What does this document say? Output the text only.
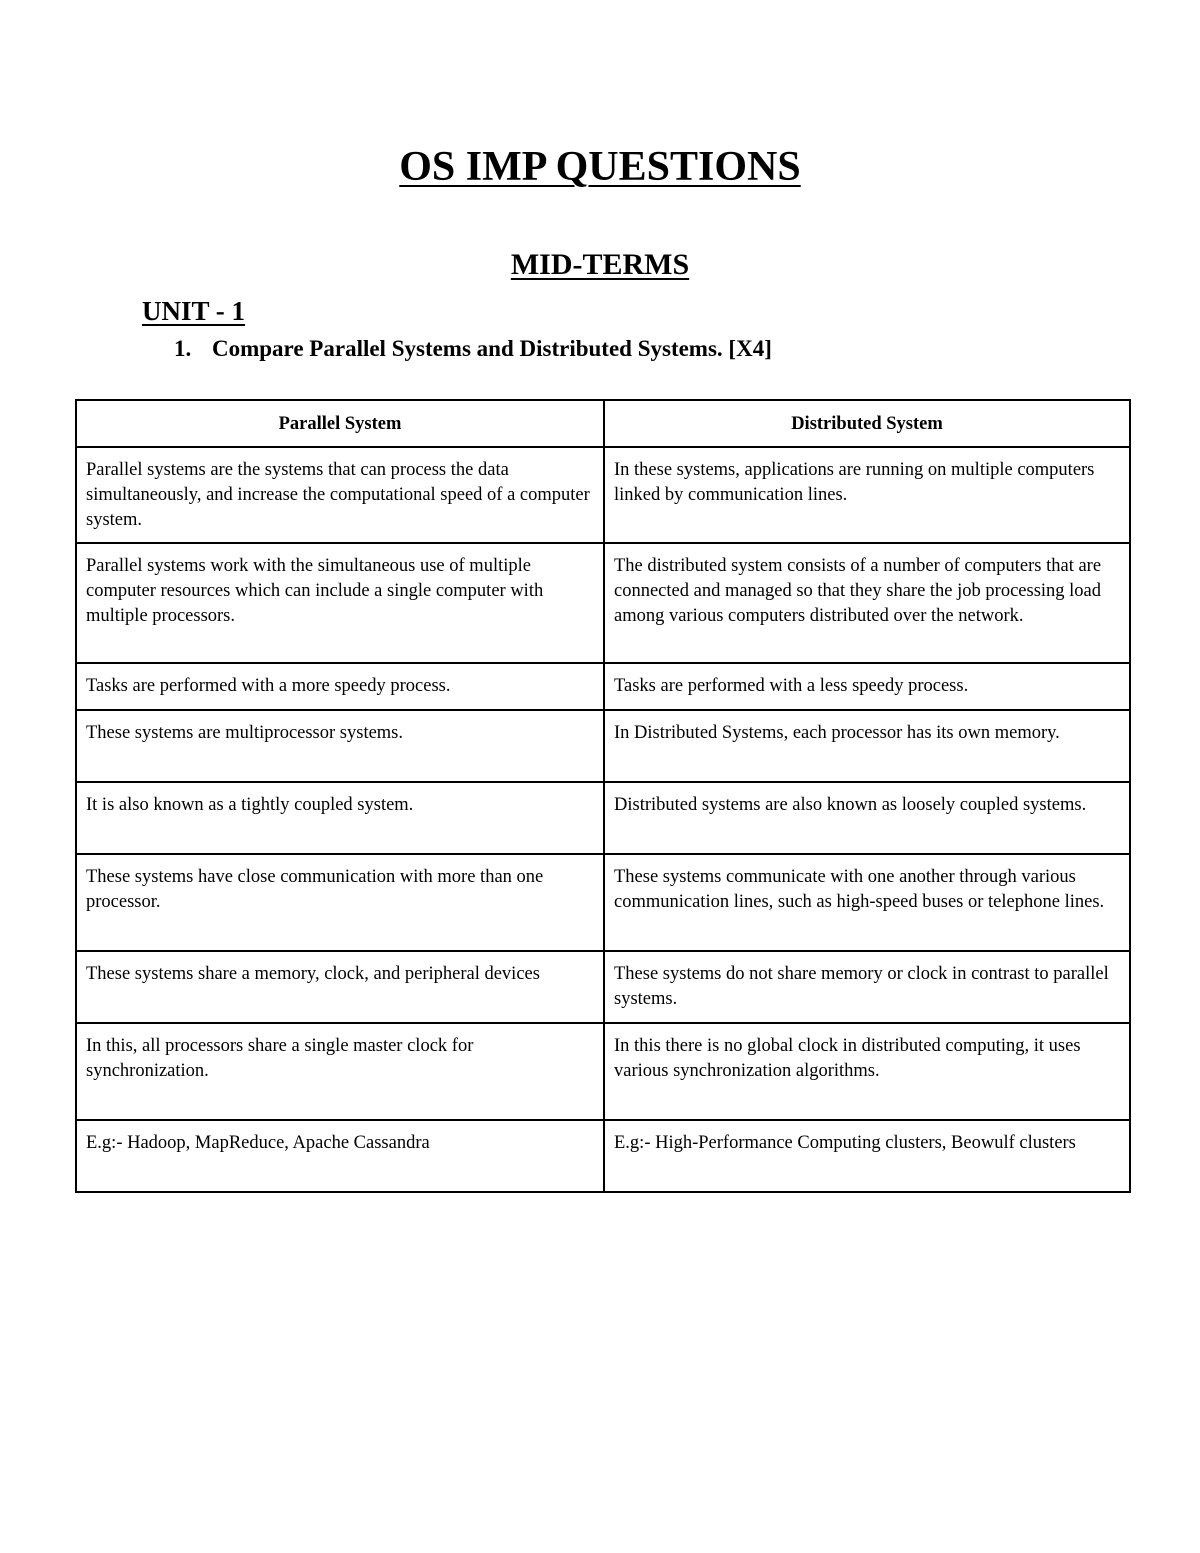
OS IMP QUESTIONS
MID-TERMS
UNIT - 1

1. Compare Parallel Systems and Distributed Systems. [X4]

Parallel System	Distributed System
Parallel systems are the systems that can process the data simultaneously, and increase the computational speed of a computer system.	In these systems, applications are running on multiple computers linked by communication lines.
Parallel systems work with the simultaneous use of multiple computer resources which can include a single computer with multiple processors.	The distributed system consists of a number of computers that are connected and managed so that they share the job processing load among various computers distributed over the network.
Tasks are performed with a more speedy process.	Tasks are performed with a less speedy process.
These systems are multiprocessor systems.	In Distributed Systems, each processor has its own memory.
It is also known as a tightly coupled system.	Distributed systems are also known as loosely coupled systems.
These systems have close communication with more than one processor.	These systems communicate with one another through various communication lines, such as high-speed buses or telephone lines.
These systems share a memory, clock, and peripheral devices	These systems do not share memory or clock in contrast to parallel systems.
In this, all processors share a single master clock for synchronization.	In this there is no global clock in distributed computing, it uses various synchronization algorithms.
E.g:- Hadoop, MapReduce, Apache Cassandra	E.g:- High-Performance Computing clusters, Beowulf clusters
